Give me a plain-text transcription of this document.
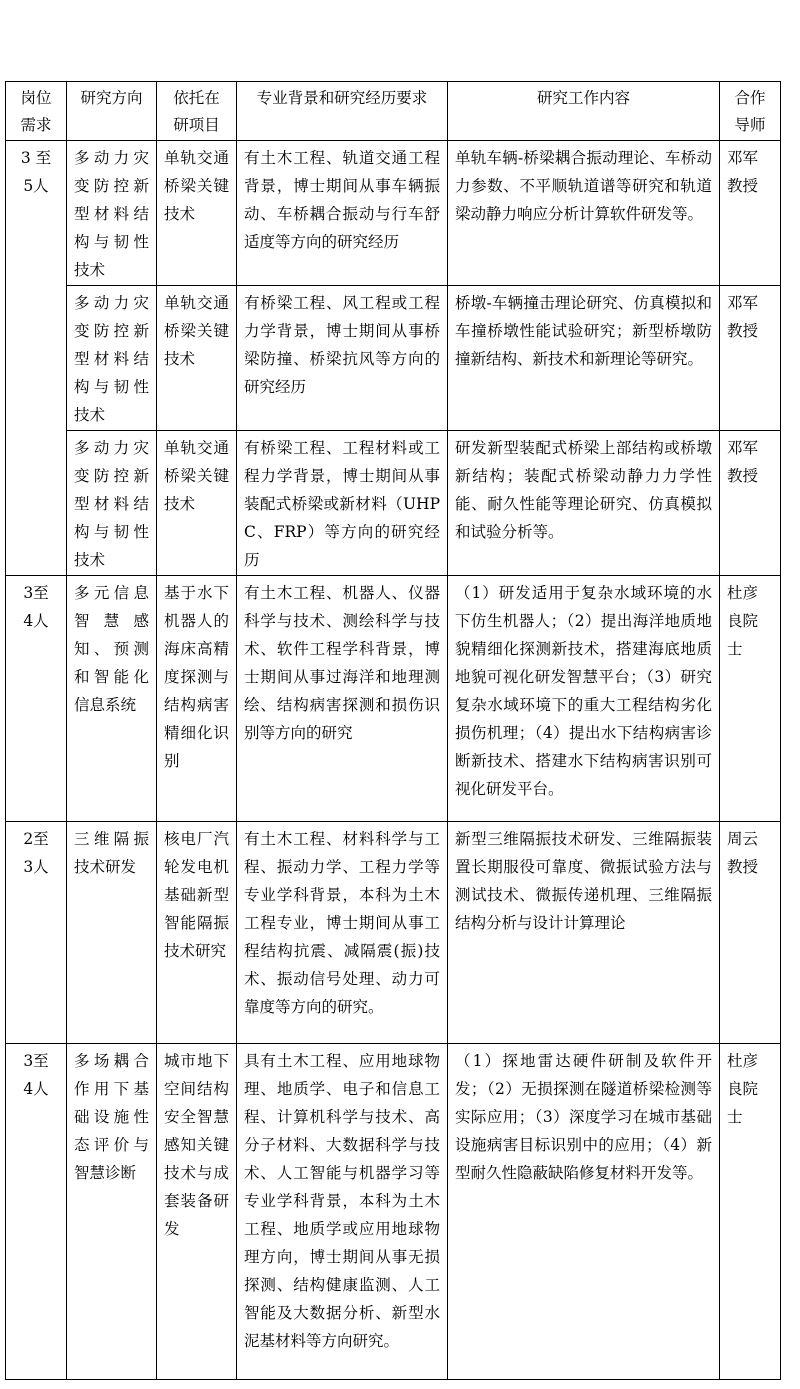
岗位需求	研究方向	依托在研项目	专业背景和研究经历要求	研究工作内容	合作导师
3 至 5人	多动力灾变防控新型材料结构与韧性技术	单轨交通桥梁关键技术	有土木工程、轨道交通工程背景，博士期间从事车辆振动、车桥耦合振动与行车舒适度等方向的研究经历	单轨车辆-桥梁耦合振动理论、车桥动力参数、不平顺轨道谱等研究和轨道梁动静力响应分析计算软件研发等。	邓军教授
	多动力灾变防控新型材料结构与韧性技术	单轨交通桥梁关键技术	有桥梁工程、风工程或工程力学背景，博士期间从事桥梁防撞、桥梁抗风等方向的研究经历	桥墩-车辆撞击理论研究、仿真模拟和车撞桥墩性能试验研究；新型桥墩防撞新结构、新技术和新理论等研究。	邓军教授
	多动力灾变防控新型材料结构与韧性技术	单轨交通桥梁关键技术	有桥梁工程、工程材料或工程力学背景，博士期间从事装配式桥梁或新材料（UHPC、FRP）等方向的研究经历	研发新型装配式桥梁上部结构或桥墩新结构；装配式桥梁动静力力学性能、耐久性能等理论研究、仿真模拟和试验分析等。	邓军教授
3至 4人	多元信息智慧感知、预测和智能化信息系统	基于水下机器人的海床高精度探测与结构病害精细化识别	有土木工程、机器人、仪器科学与技术、测绘科学与技术、软件工程学科背景，博士期间从事过海洋和地理测绘、结构病害探测和损伤识别等方向的研究	（1）研发适用于复杂水域环境的水下仿生机器人；（2）提出海洋地质地貌精细化探测新技术，搭建海底地质地貌可视化研发智慧平台；（3）研究复杂水域环境下的重大工程结构劣化损伤机理；（4）提出水下结构病害诊断新技术、搭建水下结构病害识别可视化研发平台。	杜彦良院士
2至 3人	三维隔振技术研发	核电厂汽轮发电机基础新型智能隔振技术研究	有土木工程、材料科学与工程、振动力学、工程力学等专业学科背景，本科为土木工程专业，博士期间从事工程结构抗震、减隔震(振)技术、振动信号处理、动力可靠度等方向的研究。	新型三维隔振技术研发、三维隔振装置长期服役可靠度、微振试验方法与测试技术、微振传递机理、三维隔振结构分析与设计计算理论	周云教授
3至 4人	多场耦合作用下基础设施性态评价与智慧诊断	城市地下空间结构安全智慧感知关键技术与成套装备研发	具有土木工程、应用地球物理、地质学、电子和信息工程、计算机科学与技术、高分子材料、大数据科学与技术、人工智能与机器学习等专业学科背景，本科为土木工程、地质学或应用地球物理方向，博士期间从事无损探测、结构健康监测、人工智能及大数据分析、新型水泥基材料等方向研究。	（1）探地雷达硬件研制及软件开发；（2）无损探测在隧道桥梁检测等实际应用；（3）深度学习在城市基础设施病害目标识别中的应用；（4）新型耐久性隐蔽缺陷修复材料开发等。	杜彦良院士
